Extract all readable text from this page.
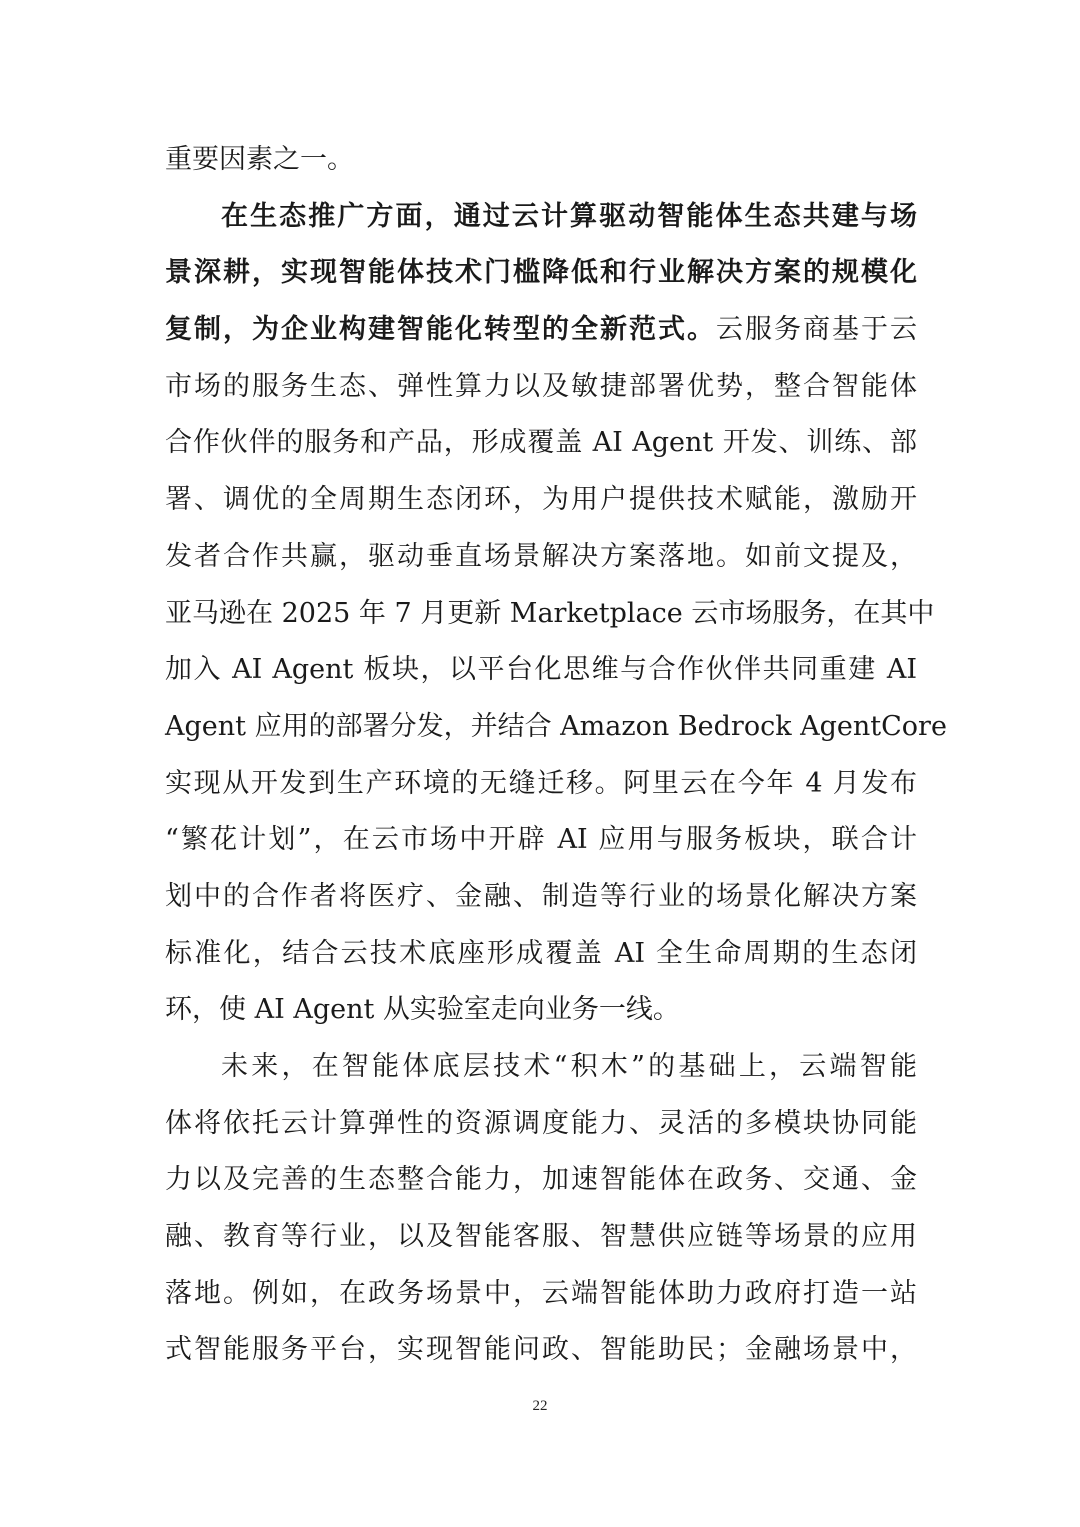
重要因素之一。
在生态推广方面，通过云计算驱动智能体生态共建与场
景深耕，实现智能体技术门槛降低和行业解决方案的规模化
复制，为企业构建智能化转型的全新范式。云服务商基于云
市场的服务生态、弹性算力以及敏捷部署优势，整合智能体
合作伙伴的服务和产品，形成覆盖 AI Agent 开发、训练、部
署、调优的全周期生态闭环，为用户提供技术赋能，激励开
发者合作共赢，驱动垂直场景解决方案落地。如前文提及，
亚马逊在 2025 年 7 月更新 Marketplace 云市场服务，在其中
加入 AI Agent 板块，以平台化思维与合作伙伴共同重建 AI
Agent 应用的部署分发，并结合 Amazon Bedrock AgentCore
实现从开发到生产环境的无缝迁移。阿里云在今年 4 月发布
“繁花计划”，在云市场中开辟 AI 应用与服务板块，联合计
划中的合作者将医疗、金融、制造等行业的场景化解决方案
标准化，结合云技术底座形成覆盖 AI 全生命周期的生态闭
环，使 AI Agent 从实验室走向业务一线。
未来，在智能体底层技术“积木”的基础上，云端智能
体将依托云计算弹性的资源调度能力、灵活的多模块协同能
力以及完善的生态整合能力，加速智能体在政务、交通、金
融、教育等行业，以及智能客服、智慧供应链等场景的应用
落地。例如，在政务场景中，云端智能体助力政府打造一站
式智能服务平台，实现智能问政、智能助民；金融场景中，
22
